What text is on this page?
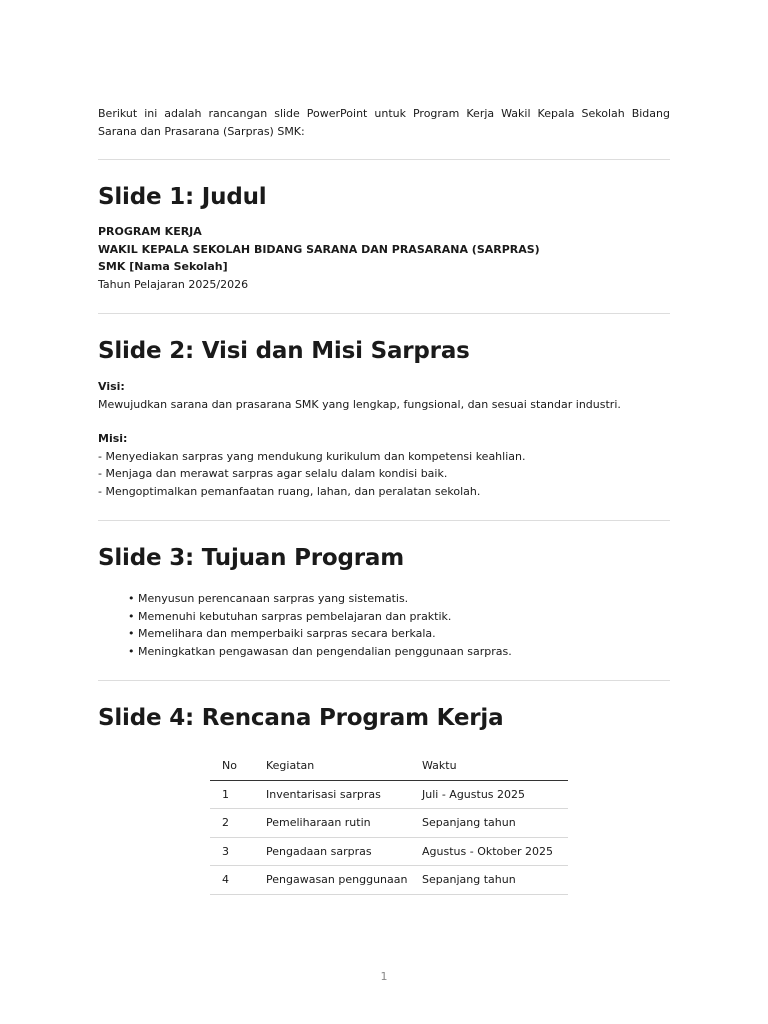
Berikut ini adalah rancangan slide PowerPoint untuk Program Kerja Wakil Kepala Sekolah Bidang Sarana dan Prasarana (Sarpras) SMK:

Slide 1: Judul

PROGRAM KERJA

WAKIL KEPALA SEKOLAH BIDANG SARANA DAN PRASARANA (SARPRAS)

SMK [Nama Sekolah]

Tahun Pelajaran 2025/2026

Slide 2: Visi dan Misi Sarpras

Visi:

Mewujudkan sarana dan prasarana SMK yang lengkap, fungsional, dan sesuai standar industri.

Misi:

- Menyediakan sarpras yang mendukung kurikulum dan kompetensi keahlian.

- Menjaga dan merawat sarpras agar selalu dalam kondisi baik.

- Mengoptimalkan pemanfaatan ruang, lahan, dan peralatan sekolah.

Slide 3: Tujuan Program
• Menyusun perencanaan sarpras yang sistematis.
• Memenuhi kebutuhan sarpras pembelajaran dan praktik.
• Memelihara dan memperbaiki sarpras secara berkala.
• Meningkatkan pengawasan dan pengendalian penggunaan sarpras.
Slide 4: Rencana Program Kerja
No	Kegiatan	Waktu
1	Inventarisasi sarpras	Juli - Agustus 2025
2	Pemeliharaan rutin	Sepanjang tahun
3	Pengadaan sarpras	Agustus - Oktober 2025
4	Pengawasan penggunaan	Sepanjang tahun
1
